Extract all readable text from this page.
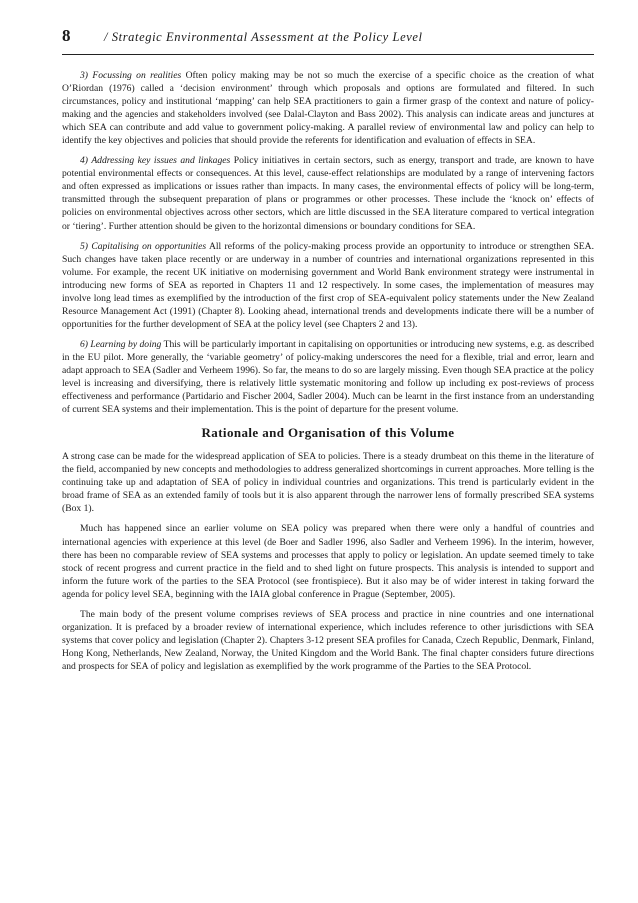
8	/ Strategic Environmental Assessment at the Policy Level

3) Focussing on realities Often policy making may be not so much the exercise of a specific choice as the creation of what O’Riordan (1976) called a ‘decision environment’ through which proposals and options are formulated and filtered. In such circumstances, policy and institutional ‘mapping’ can help SEA practitioners to gain a firmer grasp of the context and nature of policy-making and the agencies and stakeholders involved (see Dalal-Clayton and Bass 2002). This analysis can indicate areas and junctures at which SEA can contribute and add value to government policy-making. A parallel review of environmental law and policy can help to identify the key objectives and policies that should provide the referents for identification and evaluation of effects in SEA.

4) Addressing key issues and linkages Policy initiatives in certain sectors, such as energy, transport and trade, are known to have potential environmental effects or consequences. At this level, cause-effect relationships are modulated by a range of intervening factors and often expressed as implications or issues rather than impacts. In many cases, the environmental effects of policy will be long-term, transmitted through the subsequent preparation of plans or programmes or other processes. These include the ‘knock on’ effects of policies on environmental objectives across other sectors, which are little discussed in the SEA literature compared to vertical integration or ‘tiering’. Further attention should be given to the horizontal dimensions or boundary conditions for SEA.

5) Capitalising on opportunities All reforms of the policy-making process provide an opportunity to introduce or strengthen SEA. Such changes have taken place recently or are underway in a number of countries and international organizations represented in this volume. For example, the recent UK initiative on modernising government and World Bank environment strategy were instrumental in introducing new forms of SEA as reported in Chapters 11 and 12 respectively. In some cases, the implementation of measures may involve long lead times as exemplified by the introduction of the first crop of SEA-equivalent policy statements under the New Zealand Resource Management Act (1991) (Chapter 8). Looking ahead, international trends and developments indicate there will be a number of opportunities for the further development of SEA at the policy level (see Chapters 2 and 13).

6) Learning by doing This will be particularly important in capitalising on opportunities or introducing new systems, e.g. as described in the EU pilot. More generally, the ‘variable geometry’ of policy-making underscores the need for a flexible, trial and error, learn and adapt approach to SEA (Sadler and Verheem 1996). So far, the means to do so are largely missing. Even though SEA practice at the policy level is increasing and diversifying, there is relatively little systematic monitoring and follow up including ex post-reviews of process effectiveness and performance (Partidario and Fischer 2004, Sadler 2004). Much can be learnt in the first instance from an understanding of current SEA systems and their implementation. This is the point of departure for the present volume.

Rationale and Organisation of this Volume

A strong case can be made for the widespread application of SEA to policies. There is a steady drumbeat on this theme in the literature of the field, accompanied by new concepts and methodologies to address generalized shortcomings in current approaches. More telling is the continuing take up and adaptation of SEA of policy in individual countries and organizations. This trend is particularly evident in the broad frame of SEA as an extended family of tools but it is also apparent through the narrower lens of formally prescribed SEA systems (Box 1).

Much has happened since an earlier volume on SEA policy was prepared when there were only a handful of countries and international agencies with experience at this level (de Boer and Sadler 1996, also Sadler and Verheem 1996). In the interim, however, there has been no comparable review of SEA systems and processes that apply to policy or legislation. An update seemed timely to take stock of recent progress and current practice in the field and to shed light on future prospects. This analysis is intended to support and inform the future work of the parties to the SEA Protocol (see frontispiece). But it also may be of wider interest in taking forward the agenda for policy level SEA, beginning with the IAIA global conference in Prague (September, 2005).

The main body of the present volume comprises reviews of SEA process and practice in nine countries and one international organization. It is prefaced by a broader review of international experience, which includes reference to other jurisdictions with SEA systems that cover policy and legislation (Chapter 2). Chapters 3-12 present SEA profiles for Canada, Czech Republic, Denmark, Finland, Hong Kong, Netherlands, New Zealand, Norway, the United Kingdom and the World Bank. The final chapter considers future directions and prospects for SEA of policy and legislation as exemplified by the work programme of the Parties to the SEA Protocol.
